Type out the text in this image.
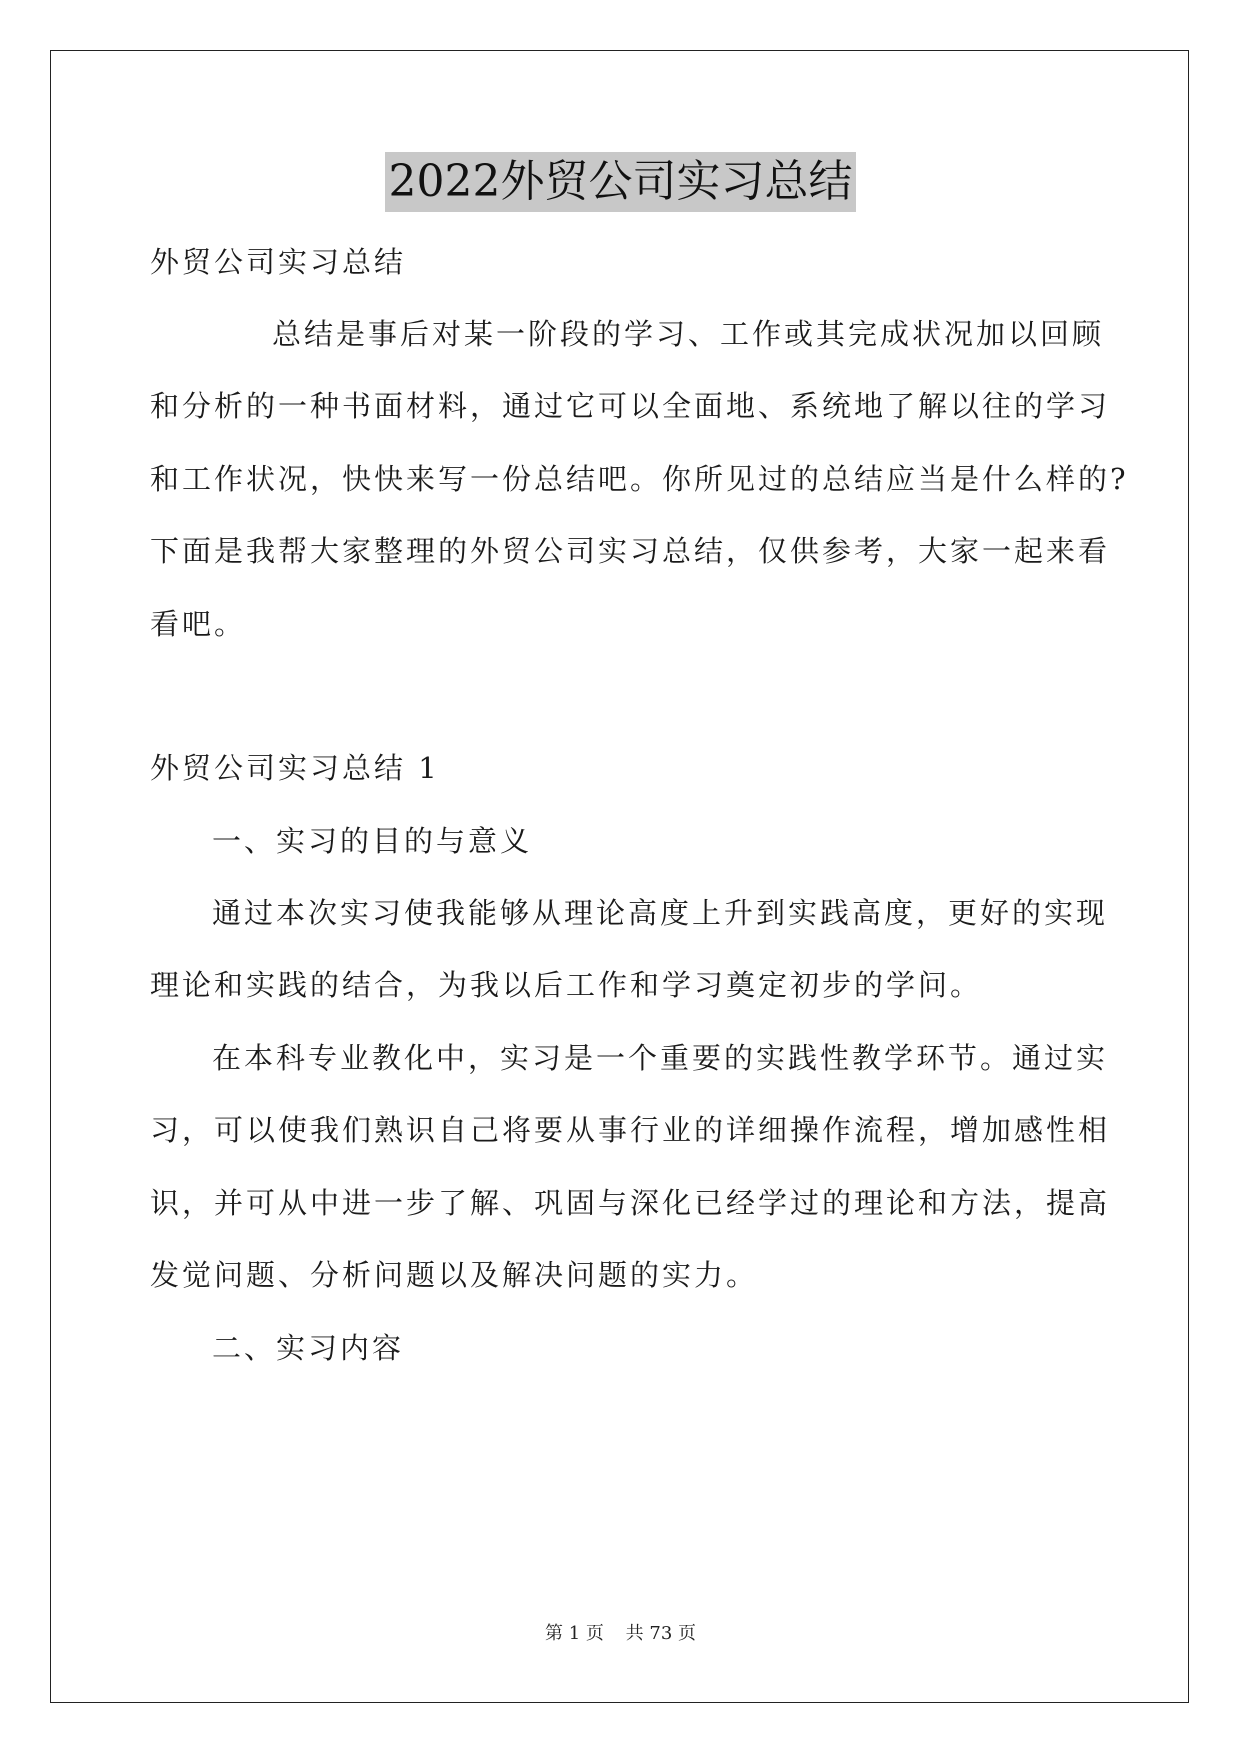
2022外贸公司实习总结
外贸公司实习总结
总结是事后对某一阶段的学习、工作或其完成状况加以回顾
和分析的一种书面材料，通过它可以全面地、系统地了解以往的学习
和工作状况，快快来写一份总结吧。你所见过的总结应当是什么样的?
下面是我帮大家整理的外贸公司实习总结，仅供参考，大家一起来看
看吧。
外贸公司实习总结 1
一、实习的目的与意义
通过本次实习使我能够从理论高度上升到实践高度，更好的实现
理论和实践的结合，为我以后工作和学习奠定初步的学问。
在本科专业教化中，实习是一个重要的实践性教学环节。通过实
习，可以使我们熟识自己将要从事行业的详细操作流程，增加感性相
识，并可从中进一步了解、巩固与深化已经学过的理论和方法，提高
发觉问题、分析问题以及解决问题的实力。
二、实习内容
第 1 页 共 73 页
